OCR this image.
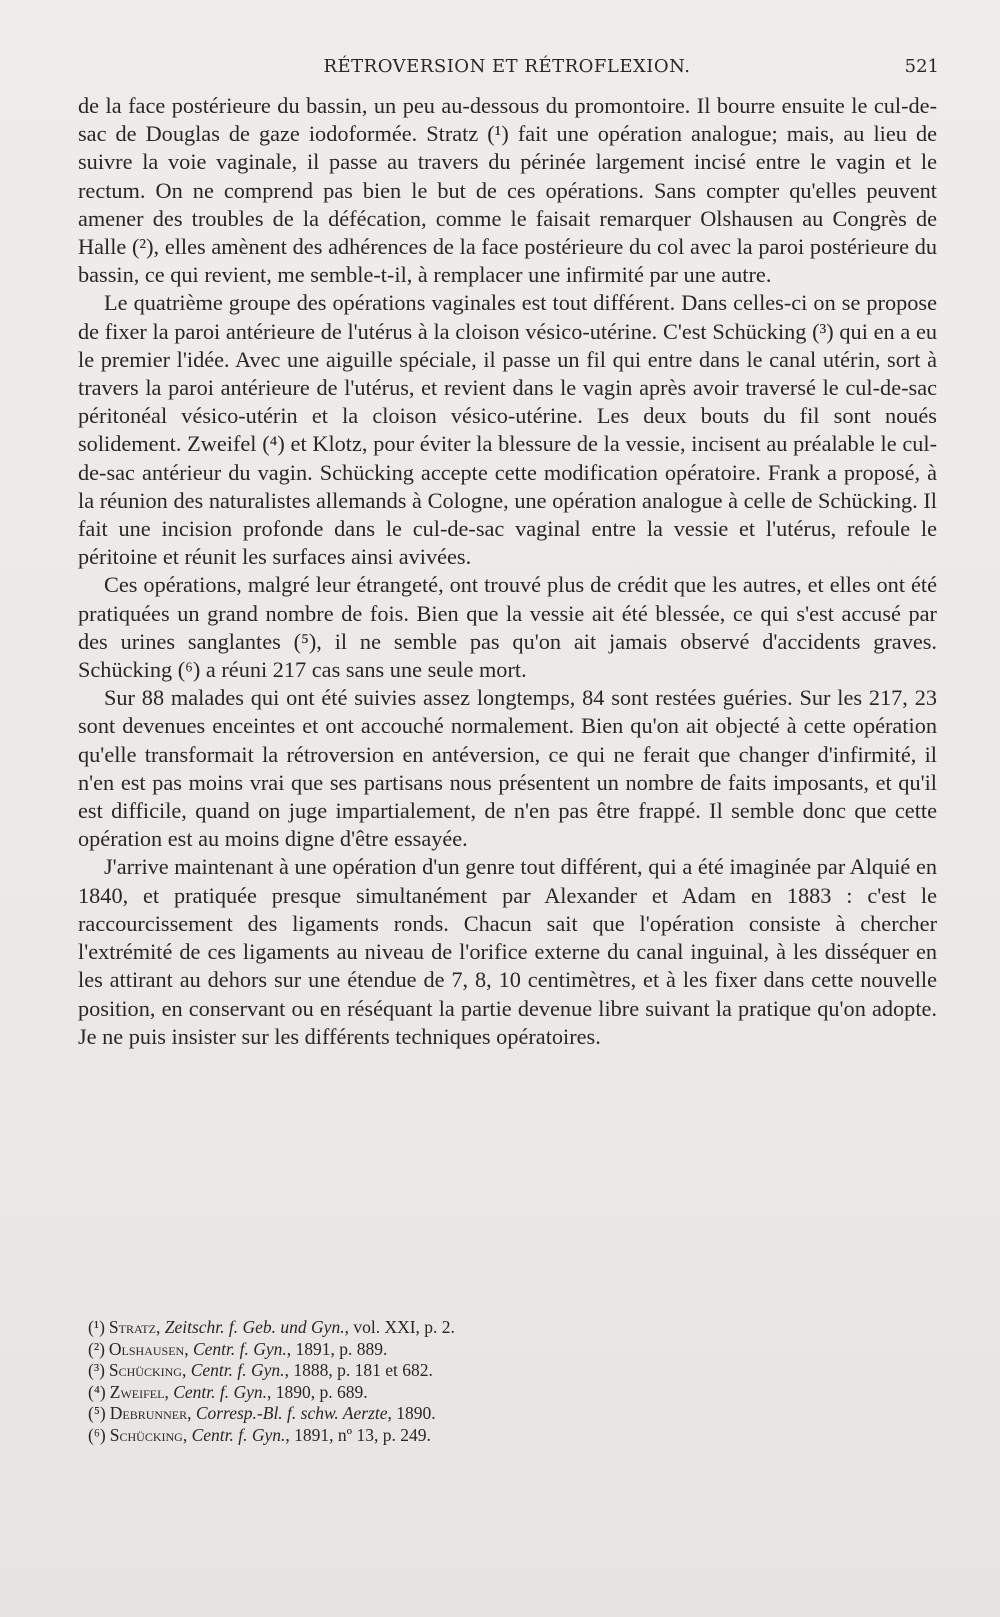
RÉTROVERSION ET RÉTROFLEXION.	521

de la face postérieure du bassin, un peu au-dessous du promontoire. Il bourre ensuite le cul-de-sac de Douglas de gaze iodoformée. Stratz (¹) fait une opération analogue; mais, au lieu de suivre la voie vaginale, il passe au travers du périnée largement incisé entre le vagin et le rectum. On ne comprend pas bien le but de ces opérations. Sans compter qu'elles peuvent amener des troubles de la défécation, comme le faisait remarquer Olshausen au Congrès de Halle (²), elles amènent des adhérences de la face postérieure du col avec la paroi postérieure du bassin, ce qui revient, me semble-t-il, à remplacer une infirmité par une autre.

Le quatrième groupe des opérations vaginales est tout différent. Dans celles-ci on se propose de fixer la paroi antérieure de l'utérus à la cloison vésico-utérine. C'est Schücking (³) qui en a eu le premier l'idée. Avec une aiguille spéciale, il passe un fil qui entre dans le canal utérin, sort à travers la paroi antérieure de l'utérus, et revient dans le vagin après avoir traversé le cul-de-sac péritonéal vésico-utérin et la cloison vésico-utérine. Les deux bouts du fil sont noués solidement. Zweifel (⁴) et Klotz, pour éviter la blessure de la vessie, incisent au préalable le cul-de-sac antérieur du vagin. Schücking accepte cette modification opératoire. Frank a proposé, à la réunion des naturalistes allemands à Cologne, une opération analogue à celle de Schücking. Il fait une incision profonde dans le cul-de-sac vaginal entre la vessie et l'utérus, refoule le péritoine et réunit les surfaces ainsi avivées.

Ces opérations, malgré leur étrangeté, ont trouvé plus de crédit que les autres, et elles ont été pratiquées un grand nombre de fois. Bien que la vessie ait été blessée, ce qui s'est accusé par des urines sanglantes (⁵), il ne semble pas qu'on ait jamais observé d'accidents graves. Schücking (⁶) a réuni 217 cas sans une seule mort.

Sur 88 malades qui ont été suivies assez longtemps, 84 sont restées guéries. Sur les 217, 23 sont devenues enceintes et ont accouché normalement. Bien qu'on ait objecté à cette opération qu'elle transformait la rétroversion en antéversion, ce qui ne ferait que changer d'infirmité, il n'en est pas moins vrai que ses partisans nous présentent un nombre de faits imposants, et qu'il est difficile, quand on juge impartialement, de n'en pas être frappé. Il semble donc que cette opération est au moins digne d'être essayée.

J'arrive maintenant à une opération d'un genre tout différent, qui a été imaginée par Alquié en 1840, et pratiquée presque simultanément par Alexander et Adam en 1883 : c'est le raccourcissement des ligaments ronds. Chacun sait que l'opération consiste à chercher l'extrémité de ces ligaments au niveau de l'orifice externe du canal inguinal, à les disséquer en les attirant au dehors sur une étendue de 7, 8, 10 centimètres, et à les fixer dans cette nouvelle position, en conservant ou en réséquant la partie devenue libre suivant la pratique qu'on adopte. Je ne puis insister sur les différents techniques opératoires.

(¹) Stratz, Zeitschr. f. Geb. und Gyn., vol. XXI, p. 2.

(²) Olshausen, Centr. f. Gyn., 1891, p. 889.

(³) Schücking, Centr. f. Gyn., 1888, p. 181 et 682.

(⁴) Zweifel, Centr. f. Gyn., 1890, p. 689.

(⁵) Debrunner, Corresp.-Bl. f. schw. Aerzte, 1890.

(⁶) Schücking, Centr. f. Gyn., 1891, nº 13, p. 249.
